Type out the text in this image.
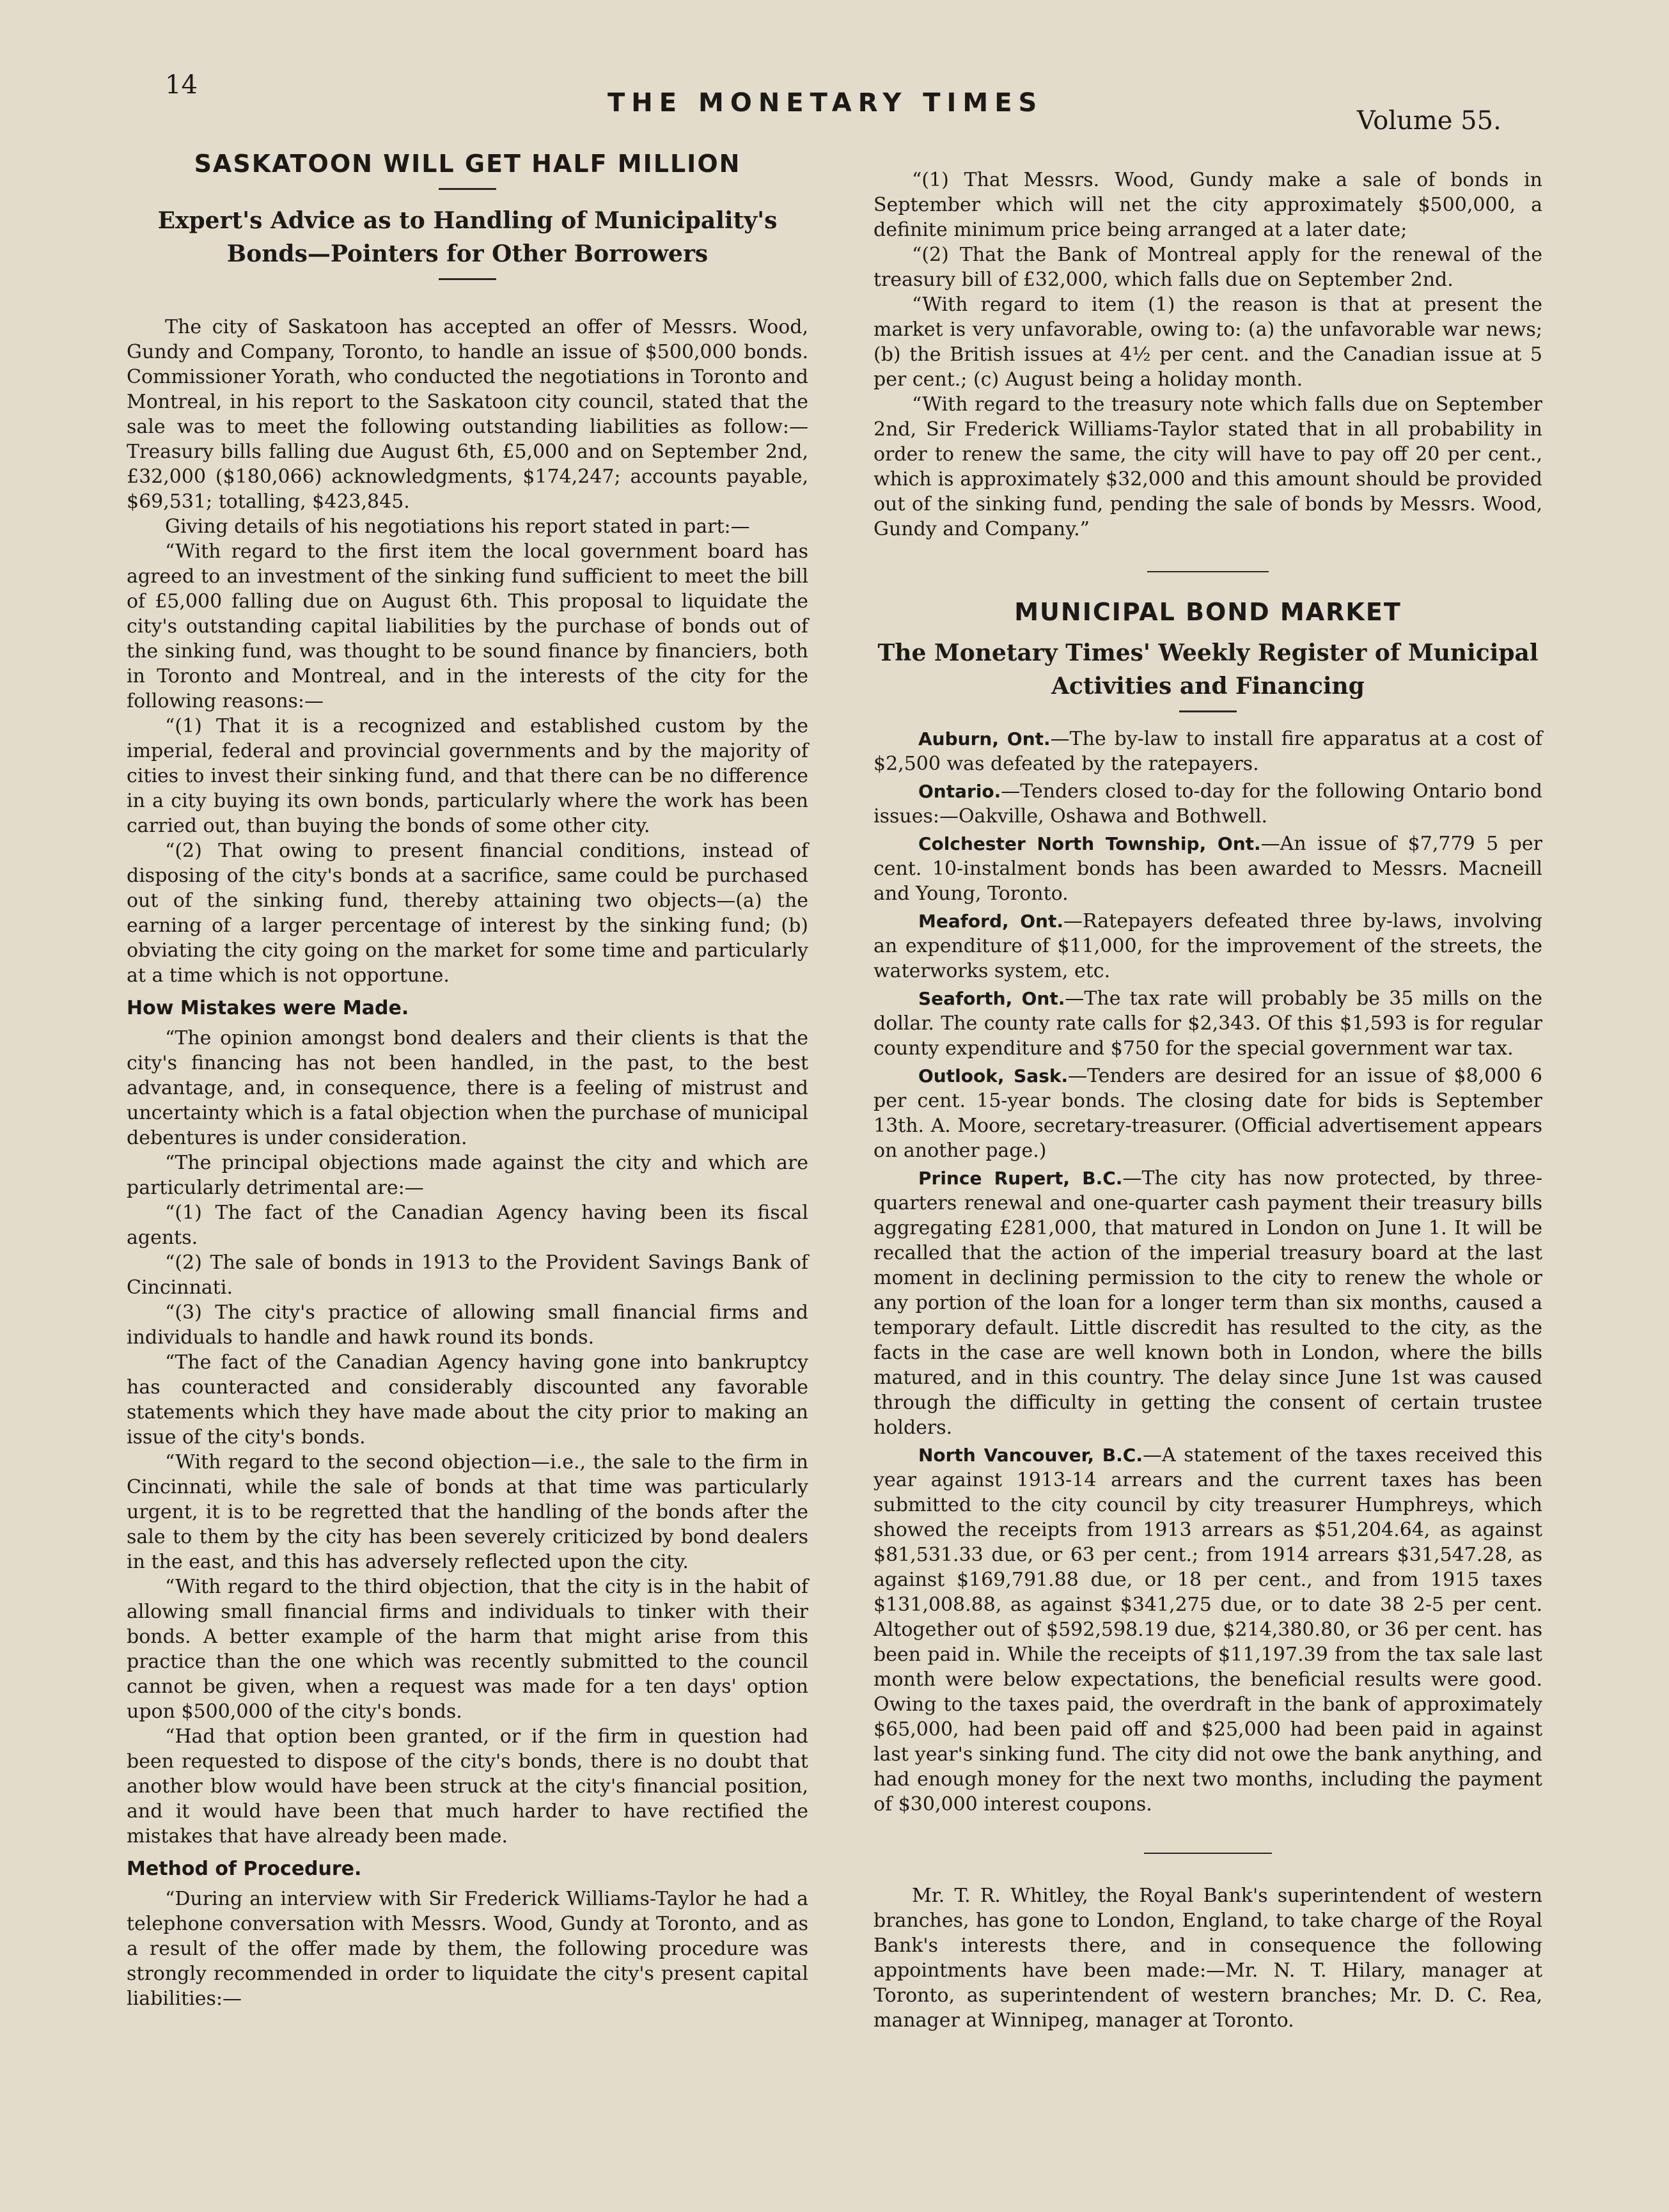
14
THE MONETARY TIMES
Volume 55.
SASKATOON WILL GET HALF MILLION
Expert's Advice as to Handling of Municipality's Bonds—Pointers for Other Borrowers

The city of Saskatoon has accepted an offer of Messrs. Wood, Gundy and Company, Toronto, to handle an issue of $500,000 bonds. Commissioner Yorath, who conducted the negotiations in Toronto and Montreal, in his report to the Saskatoon city council, stated that the sale was to meet the following outstanding liabilities as follow:—Treasury bills falling due August 6th, £5,000 and on September 2nd, £32,000 ($180,066) acknowledgments, $174,247; accounts payable, $69,531; totalling, $423,845.

Giving details of his negotiations his report stated in part:—

“With regard to the first item the local government board has agreed to an investment of the sinking fund sufficient to meet the bill of £5,000 falling due on August 6th. This proposal to liquidate the city's outstanding capital liabilities by the purchase of bonds out of the sinking fund, was thought to be sound finance by financiers, both in Toronto and Montreal, and in the interests of the city for the following reasons:—

“(1) That it is a recognized and established custom by the imperial, federal and provincial governments and by the majority of cities to invest their sinking fund, and that there can be no difference in a city buying its own bonds, particularly where the work has been carried out, than buying the bonds of some other city.

“(2) That owing to present financial conditions, instead of disposing of the city's bonds at a sacrifice, same could be purchased out of the sinking fund, thereby attaining two objects—(a) the earning of a larger percentage of interest by the sinking fund; (b) obviating the city going on the market for some time and particularly at a time which is not opportune.

How Mistakes were Made.

“The opinion amongst bond dealers and their clients is that the city's financing has not been handled, in the past, to the best advantage, and, in consequence, there is a feeling of mistrust and uncertainty which is a fatal objection when the purchase of municipal debentures is under consideration.

“The principal objections made against the city and which are particularly detrimental are:—

“(1) The fact of the Canadian Agency having been its fiscal agents.

“(2) The sale of bonds in 1913 to the Provident Savings Bank of Cincinnati.

“(3) The city's practice of allowing small financial firms and individuals to handle and hawk round its bonds.

“The fact of the Canadian Agency having gone into bankruptcy has counteracted and considerably discounted any favorable statements which they have made about the city prior to making an issue of the city's bonds.

“With regard to the second objection—i.e., the sale to the firm in Cincinnati, while the sale of bonds at that time was particularly urgent, it is to be regretted that the handling of the bonds after the sale to them by the city has been severely criticized by bond dealers in the east, and this has adversely reflected upon the city.

“With regard to the third objection, that the city is in the habit of allowing small financial firms and individuals to tinker with their bonds. A better example of the harm that might arise from this practice than the one which was recently submitted to the council cannot be given, when a request was made for a ten days' option upon $500,000 of the city's bonds.

“Had that option been granted, or if the firm in question had been requested to dispose of the city's bonds, there is no doubt that another blow would have been struck at the city's financial position, and it would have been that much harder to have rectified the mistakes that have already been made.

Method of Procedure.

“During an interview with Sir Frederick Williams-Taylor he had a telephone conversation with Messrs. Wood, Gundy at Toronto, and as a result of the offer made by them, the following procedure was strongly recommended in order to liquidate the city's present capital liabilities:—

“(1) That Messrs. Wood, Gundy make a sale of bonds in September which will net the city approximately $500,000, a definite minimum price being arranged at a later date;

“(2) That the Bank of Montreal apply for the renewal of the treasury bill of £32,000, which falls due on September 2nd.

“With regard to item (1) the reason is that at present the market is very unfavorable, owing to: (a) the unfavorable war news; (b) the British issues at 4½ per cent. and the Canadian issue at 5 per cent.; (c) August being a holiday month.

“With regard to the treasury note which falls due on September 2nd, Sir Frederick Williams-Taylor stated that in all probability in order to renew the same, the city will have to pay off 20 per cent., which is approximately $32,000 and this amount should be provided out of the sinking fund, pending the sale of bonds by Messrs. Wood, Gundy and Company.”

MUNICIPAL BOND MARKET
The Monetary Times' Weekly Register of Municipal Activities and Financing

Auburn, Ont.—The by-law to install fire apparatus at a cost of $2,500 was defeated by the ratepayers.

Ontario.—Tenders closed to-day for the following Ontario bond issues:—Oakville, Oshawa and Bothwell.

Colchester North Township, Ont.—An issue of $7,779 5 per cent. 10-instalment bonds has been awarded to Messrs. Macneill and Young, Toronto.

Meaford, Ont.—Ratepayers defeated three by-laws, involving an expenditure of $11,000, for the improvement of the streets, the waterworks system, etc.

Seaforth, Ont.—The tax rate will probably be 35 mills on the dollar. The county rate calls for $2,343. Of this $1,593 is for regular county expenditure and $750 for the special government war tax.

Outlook, Sask.—Tenders are desired for an issue of $8,000 6 per cent. 15-year bonds. The closing date for bids is September 13th. A. Moore, secretary-treasurer. (Official advertisement appears on another page.)

Prince Rupert, B.C.—The city has now protected, by three-quarters renewal and one-quarter cash payment their treasury bills aggregating £281,000, that matured in London on June 1. It will be recalled that the action of the imperial treasury board at the last moment in declining permission to the city to renew the whole or any portion of the loan for a longer term than six months, caused a temporary default. Little discredit has resulted to the city, as the facts in the case are well known both in London, where the bills matured, and in this country. The delay since June 1st was caused through the difficulty in getting the consent of certain trustee holders.

North Vancouver, B.C.—A statement of the taxes received this year against 1913-14 arrears and the current taxes has been submitted to the city council by city treasurer Humphreys, which showed the receipts from 1913 arrears as $51,204.64, as against $81,531.33 due, or 63 per cent.; from 1914 arrears $31,547.28, as against $169,791.88 due, or 18 per cent., and from 1915 taxes $131,008.88, as against $341,275 due, or to date 38 2-5 per cent. Altogether out of $592,598.19 due, $214,380.80, or 36 per cent. has been paid in. While the receipts of $11,197.39 from the tax sale last month were below expectations, the beneficial results were good. Owing to the taxes paid, the overdraft in the bank of approximately $65,000, had been paid off and $25,000 had been paid in against last year's sinking fund. The city did not owe the bank anything, and had enough money for the next two months, including the payment of $30,000 interest coupons.

Mr. T. R. Whitley, the Royal Bank's superintendent of western branches, has gone to London, England, to take charge of the Royal Bank's interests there, and in consequence the following appointments have been made:—Mr. N. T. Hilary, manager at Toronto, as superintendent of western branches; Mr. D. C. Rea, manager at Winnipeg, manager at Toronto.
